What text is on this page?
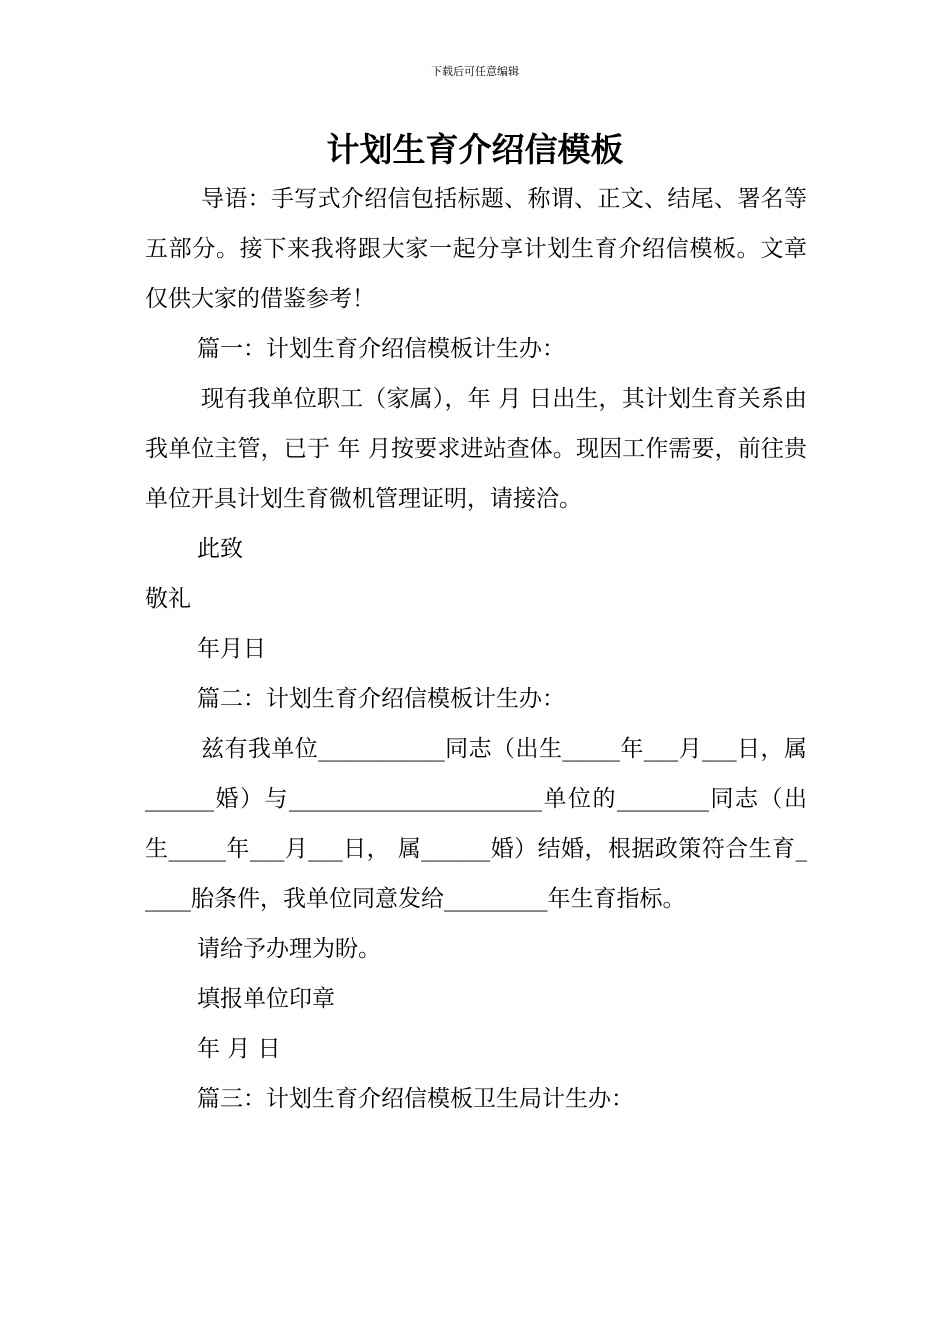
下载后可任意编辑
计划生育介绍信模板

导语：手写式介绍信包括标题、称谓、正文、结尾、署名等五部分。接下来我将跟大家一起分享计划生育介绍信模板。文章仅供大家的借鉴参考！

篇一：计划生育介绍信模板计生办：

现有我单位职工（家属），年 月 日出生，其计划生育关系由我单位主管，已于 年 月按要求进站查体。现因工作需要，前往贵单位开具计划生育微机管理证明，请接洽。

此致

敬礼

年月日

篇二：计划生育介绍信模板计生办：

兹有我单位___________同志（出生_____年___月___日，属______婚）与______________________单位的________同志（出生_____年___月___日， 属______婚）结婚，根据政策符合生育_____胎条件，我单位同意发给_________年生育指标。

请给予办理为盼。

填报单位印章

年 月 日

篇三：计划生育介绍信模板卫生局计生办：
